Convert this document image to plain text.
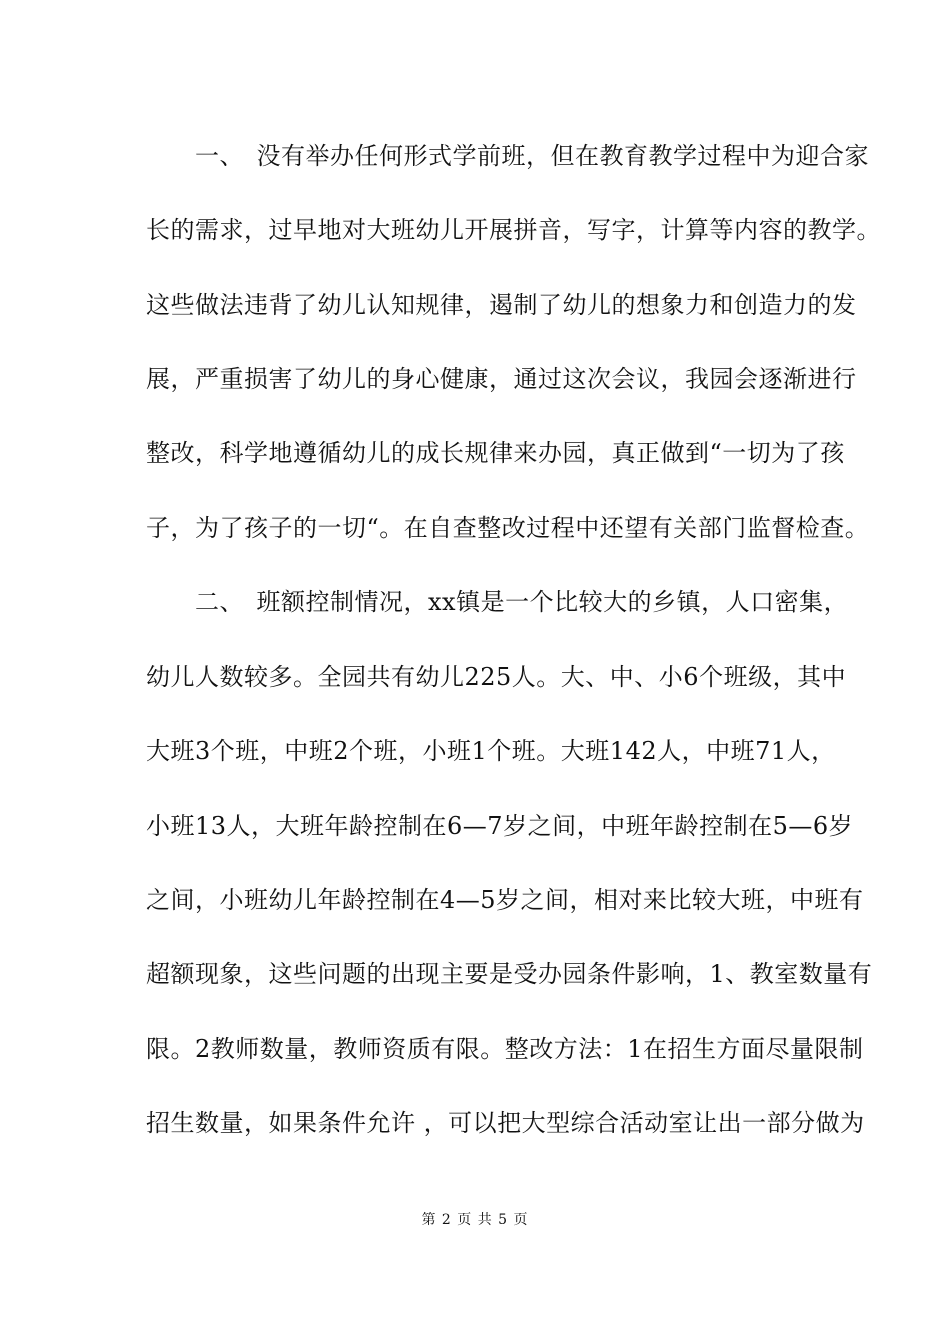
　　一、　没有举办任何形式学前班，但在教育教学过程中为迎合家
长的需求，过早地对大班幼儿开展拼音，写字，计算等内容的教学。
这些做法违背了幼儿认知规律，遏制了幼儿的想象力和创造力的发
展，严重损害了幼儿的身心健康，通过这次会议，我园会逐渐进行
整改，科学地遵循幼儿的成长规律来办园，真正做到“一切为了孩
子，为了孩子的一切“。在自查整改过程中还望有关部门监督检查。
　　二、　班额控制情况，xx镇是一个比较大的乡镇，人口密集，
幼儿人数较多。全园共有幼儿225人。大、中、小6个班级，其中
大班3个班，中班2个班，小班1个班。大班142人，中班71人，
小班13人，大班年龄控制在6—7岁之间，中班年龄控制在5—6岁
之间，小班幼儿年龄控制在4—5岁之间，相对来比较大班，中班有
超额现象，这些问题的出现主要是受办园条件影响，1、教室数量有
限。2教师数量，教师资质有限。整改方法：1在招生方面尽量限制
招生数量，如果条件允许 ，可以把大型综合活动室让出一部分做为
第 2 页 共 5 页
